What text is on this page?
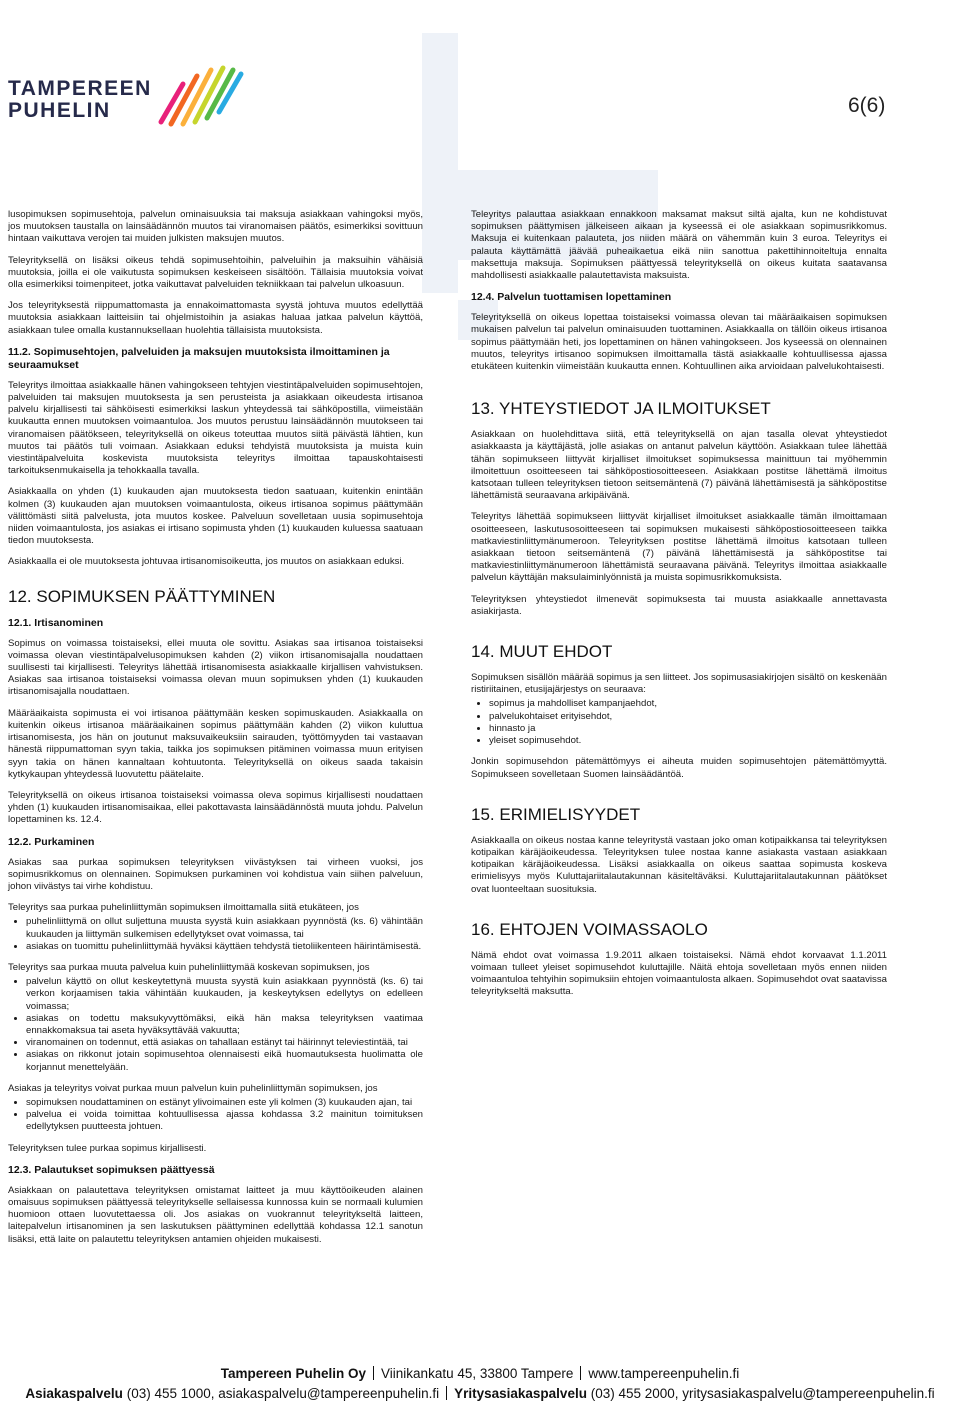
TAMPEREEN
PUHELIN	6(6)

lusopimuksen sopimusehtoja, palvelun ominaisuuksia tai maksuja asiakkaan vahingoksi myös, jos muutoksen taustalla on lainsäädännön muutos tai viranomaisen päätös, esimerkiksi sovittuun hintaan vaikuttava verojen tai muiden julkisten maksujen muutos.

Teleyrityksellä on lisäksi oikeus tehdä sopimusehtoihin, palveluihin ja maksuihin vähäisiä muutoksia, joilla ei ole vaikutusta sopimuksen keskeiseen sisältöön. Tällaisia muutoksia voivat olla esimerkiksi toimenpiteet, jotka vaikuttavat palveluiden tekniikkaan tai palvelun ulkoasuun.

Jos teleyrityksestä riippumattomasta ja ennakoimattomasta syystä johtuva muutos edellyttää muutoksia asiakkaan laitteisiin tai ohjelmistoihin ja asiakas haluaa jatkaa palvelun käyttöä, asiakkaan tulee omalla kustannuksellaan huolehtia tällaisista muutoksista.

11.2. Sopimusehtojen, palveluiden ja maksujen muutoksista ilmoittaminen ja seuraamukset

Teleyritys ilmoittaa asiakkaalle hänen vahingokseen tehtyjen viestintäpalveluiden sopimusehtojen, palveluiden tai maksujen muutoksesta ja sen perusteista ja asiakkaan oikeudesta irtisanoa palvelu kirjallisesti tai sähköisesti esimerkiksi laskun yhteydessä tai sähköpostilla, viimeistään kuukautta ennen muutoksen voimaantuloa. Jos muutos perustuu lainsäädännön muutokseen tai viranomaisen päätökseen, teleyrityksellä on oikeus toteuttaa muutos siitä päivästä lähtien, kun muutos tai päätös tuli voimaan. Asiakkaan eduksi tehdyistä muutoksista ja muista kuin viestintäpalveluita koskevista muutoksista teleyritys ilmoittaa tapauskohtaisesti tarkoituksenmukaisella ja tehokkaalla tavalla.

Asiakkaalla on yhden (1) kuukauden ajan muutoksesta tiedon saatuaan, kuitenkin enintään kolmen (3) kuukauden ajan muutoksen voimaantulosta, oikeus irtisanoa sopimus päättymään välittömästi siitä palvelusta, jota muutos koskee. Palveluun sovelletaan uusia sopimusehtoja niiden voimaantulosta, jos asiakas ei irtisano sopimusta yhden (1) kuukauden kuluessa saatuaan tiedon muutoksesta.

Asiakkaalla ei ole muutoksesta johtuvaa irtisanomisoikeutta, jos muutos on asiakkaan eduksi.

12. SOPIMUKSEN PÄÄTTYMINEN
12.1. Irtisanominen

Sopimus on voimassa toistaiseksi, ellei muuta ole sovittu. Asiakas saa irtisanoa toistaiseksi voimassa olevan viestintäpalvelusopimuksen kahden (2) viikon irtisanomisajalla noudattaen suullisesti tai kirjallisesti. Teleyritys lähettää irtisanomisesta asiakkaalle kirjallisen vahvistuksen. Asiakas saa irtisanoa toistaiseksi voimassa olevan muun sopimuksen yhden (1) kuukauden irtisanomisajalla noudattaen.

Määräaikaista sopimusta ei voi irtisanoa päättymään kesken sopimuskauden. Asiakkaalla on kuitenkin oikeus irtisanoa määräaikainen sopimus päättymään kahden (2) viikon kuluttua irtisanomisesta, jos hän on joutunut maksuvaikeuksiin sairauden, työttömyyden tai vastaavan hänestä riippumattoman syyn takia, taikka jos sopimuksen pitäminen voimassa muun erityisen syyn takia on hänen kannaltaan kohtuutonta. Teleyrityksellä on oikeus saada takaisin kytkykaupan yhteydessä luovutettu päätelaite.

Teleyrityksellä on oikeus irtisanoa toistaiseksi voimassa oleva sopimus kirjallisesti noudattaen yhden (1) kuukauden irtisanomisaikaa, ellei pakottavasta lainsäädännöstä muuta johdu. Palvelun lopettaminen ks. 12.4.

12.2. Purkaminen

Asiakas saa purkaa sopimuksen teleyrityksen viivästyksen tai virheen vuoksi, jos sopimusrikkomus on olennainen. Sopimuksen purkaminen voi kohdistua vain siihen palveluun, johon viivästys tai virhe kohdistuu.

Teleyritys saa purkaa puhelinliittymän sopimuksen ilmoittamalla siitä etukäteen, jos

• puhelinliittymä on ollut suljettuna muusta syystä kuin asiakkaan pyynnöstä (ks. 6) vähintään kuukauden ja liittymän sulkemisen edellytykset ovat voimassa, tai
• asiakas on tuomittu puhelinliittymää hyväksi käyttäen tehdystä tietoliikenteen häirintämisestä.

Teleyritys saa purkaa muuta palvelua kuin puhelinliittymää koskevan sopimuksen, jos

• palvelun käyttö on ollut keskeytettynä muusta syystä kuin asiakkaan pyynnöstä (ks. 6) tai verkon korjaamisen takia vähintään kuukauden, ja keskeytyksen edellytys on edelleen voimassa;
• asiakas on todettu maksukyvyttömäksi, eikä hän maksa teleyrityksen vaatimaa ennakkomaksua tai aseta hyväksyttävää vakuutta;
• viranomainen on todennut, että asiakas on tahallaan estänyt tai häirinnyt televiestintää, tai
• asiakas on rikkonut jotain sopimusehtoa olennaisesti eikä huomautuksesta huolimatta ole korjannut menettelyään.

Asiakas ja teleyritys voivat purkaa muun palvelun kuin puhelinliittymän sopimuksen, jos

• sopimuksen noudattaminen on estänyt ylivoimainen este yli kolmen (3) kuukauden ajan, tai
• palvelua ei voida toimittaa kohtuullisessa ajassa kohdassa 3.2 mainitun toimituksen edellytyksen puutteesta johtuen.

Teleyrityksen tulee purkaa sopimus kirjallisesti.

12.3. Palautukset sopimuksen päättyessä

Asiakkaan on palautettava teleyrityksen omistamat laitteet ja muu käyttöoikeuden alainen omaisuus sopimuksen päättyessä teleyritykselle sellaisessa kunnossa kuin se normaali kulumien huomioon ottaen luovutettaessa oli. Jos asiakas on vuokrannut teleyritykseltä laitteen, laitepalvelun irtisanominen ja sen laskutuksen päättyminen edellyttää kohdassa 12.1 sanotun lisäksi, että laite on palautettu teleyrityksen antamien ohjeiden mukaisesti.

Teleyritys palauttaa asiakkaan ennakkoon maksamat maksut siltä ajalta, kun ne kohdistuvat sopimuksen päättymisen jälkeiseen aikaan ja kyseessä ei ole asiakkaan sopimusrikkomus. Maksuja ei kuitenkaan palauteta, jos niiden määrä on vähemmän kuin 3 euroa. Teleyritys ei palauta käyttämättä jäävää puheaikaetua eikä niin sanottua pakettihinnoiteltuja ennalta maksettuja maksuja. Sopimuksen päättyessä teleyrityksellä on oikeus kuitata saatavansa mahdollisesti asiakkaalle palautettavista maksuista.

12.4. Palvelun tuottamisen lopettaminen

Teleyrityksellä on oikeus lopettaa toistaiseksi voimassa olevan tai määräaikaisen sopimuksen mukaisen palvelun tai palvelun ominaisuuden tuottaminen. Asiakkaalla on tällöin oikeus irtisanoa sopimus päättymään heti, jos lopettaminen on hänen vahingokseen. Jos kyseessä on olennainen muutos, teleyritys irtisanoo sopimuksen ilmoittamalla tästä asiakkaalle kohtuullisessa ajassa etukäteen kuitenkin viimeistään kuukautta ennen. Kohtuullinen aika arvioidaan palvelukohtaisesti.

13. YHTEYSTIEDOT JA ILMOITUKSET

Asiakkaan on huolehdittava siitä, että teleyrityksellä on ajan tasalla olevat yhteystiedot asiakkaasta ja käyttäjästä, jolle asiakas on antanut palvelun käyttöön. Asiakkaan tulee lähettää tähän sopimukseen liittyvät kirjalliset ilmoitukset sopimuksessa mainittuun tai myöhemmin ilmoitettuun osoitteeseen tai sähköpostiosoitteeseen. Asiakkaan postitse lähettämä ilmoitus katsotaan tulleen teleyrityksen tietoon seitsemäntenä (7) päivänä lähettämisestä ja sähköpostitse lähettämistä seuraavana arkipäivänä.

Teleyritys lähettää sopimukseen liittyvät kirjalliset ilmoitukset asiakkaalle tämän ilmoittamaan osoitteeseen, laskutusosoitteeseen tai sopimuksen mukaisesti sähköpostiosoitteeseen taikka matkaviestinliittymänumeroon. Teleyrityksen postitse lähettämä ilmoitus katsotaan tulleen asiakkaan tietoon seitsemäntenä (7) päivänä lähettämisestä ja sähköpostitse tai matkaviestinliittymänumeroon lähettämistä seuraavana päivänä. Teleyritys ilmoittaa asiakkaalle palvelun käyttäjän maksulaiminlyönnistä ja muista sopimusrikkomuksista.

Teleyrityksen yhteystiedot ilmenevät sopimuksesta tai muusta asiakkaalle annettavasta asiakirjasta.

14. MUUT EHDOT

Sopimuksen sisällön määrää sopimus ja sen liitteet. Jos sopimusasiakirjojen sisältö on keskenään ristiriitainen, etusijajärjestys on seuraava:

• sopimus ja mahdolliset kampanjaehdot,
• palvelukohtaiset erityisehdot,
• hinnasto ja
• yleiset sopimusehdot.

Jonkin sopimusehdon pätemättömyys ei aiheuta muiden sopimusehtojen pätemättömyyttä. Sopimukseen sovelletaan Suomen lainsäädäntöä.

15. ERIMIELISYYDET

Asiakkaalla on oikeus nostaa kanne teleyritystä vastaan joko oman kotipaikkansa tai teleyrityksen kotipaikan käräjäoikeudessa. Teleyrityksen tulee nostaa kanne asiakasta vastaan asiakkaan kotipaikan käräjäoikeudessa. Lisäksi asiakkaalla on oikeus saattaa sopimusta koskeva erimielisyys myös Kuluttajariitalautakunnan käsiteltäväksi. Kuluttajariitalautakunnan päätökset ovat luonteeltaan suosituksia.

16. EHTOJEN VOIMASSAOLO

Nämä ehdot ovat voimassa 1.9.2011 alkaen toistaiseksi. Nämä ehdot korvaavat 1.1.2011 voimaan tulleet yleiset sopimusehdot kuluttajille. Näitä ehtoja sovelletaan myös ennen niiden voimaantuloa tehtyihin sopimuksiin ehtojen voimaantulosta alkaen. Sopimusehdot ovat saatavissa teleyritykseltä maksutta.

Tampereen Puhelin Oy Viinikankatu 45, 33800 Tampere www.tampereenpuhelin.fi
Asiakaspalvelu (03) 455 1000, asiakaspalvelu@tampereenpuhelin.fi Yritysasiakaspalvelu (03) 455 2000, yritysasiakaspalvelu@tampereenpuhelin.fi
